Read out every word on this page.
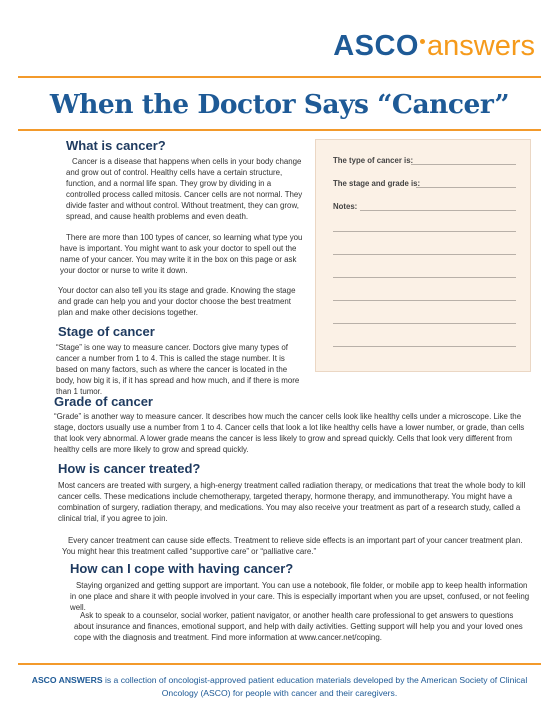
ASCO answers
When the Doctor Says “Cancer”
What is cancer?

Cancer is a disease that happens when cells in your body change and grow out of control. Healthy cells have a certain structure, function, and a normal life span. They grow by dividing in a controlled process called mitosis. Cancer cells are not normal. They divide faster and without control. Without treatment, they can grow, spread, and cause health problems and even death.

There are more than 100 types of cancer, so learning what type you have is important. You might want to ask your doctor to spell out the name of your cancer. You may write it in the box on this page or ask your doctor or nurse to write it down.

Your doctor can also tell you its stage and grade. Knowing the stage and grade can help you and your doctor choose the best treatment plan and make other decisions together.

The type of cancer is:
The stage and grade is:
Notes:
Stage of cancer

“Stage” is one way to measure cancer. Doctors give many types of cancer a number from 1 to 4. This is called the stage number. It is based on many factors, such as where the cancer is located in the body, how big it is, if it has spread and how much, and if there is more than 1 tumor.

Grade of cancer

“Grade” is another way to measure cancer. It describes how much the cancer cells look like healthy cells under a microscope. Like the stage, doctors usually use a number from 1 to 4. Cancer cells that look a lot like healthy cells have a lower number, or grade, than cells that look very abnormal. A lower grade means the cancer is less likely to grow and spread quickly. Cells that look very different from healthy cells are more likely to grow and spread quickly.

How is cancer treated?

Most cancers are treated with surgery, a high-energy treatment called radiation therapy, or medications that treat the whole body to kill cancer cells. These medications include chemotherapy, targeted therapy, hormone therapy, and immunotherapy. You might have a combination of surgery, radiation therapy, and medications. You may also receive your treatment as part of a research study, called a clinical trial, if you agree to join.

Every cancer treatment can cause side effects. Treatment to relieve side effects is an important part of your cancer treatment plan. You might hear this treatment called “supportive care” or “palliative care.”

How can I cope with having cancer?

Staying organized and getting support are important. You can use a notebook, file folder, or mobile app to keep health information in one place and share it with people involved in your care. This is especially important when you are upset, confused, or not feeling well.

Ask to speak to a counselor, social worker, patient navigator, or another health care professional to get answers to questions about insurance and finances, emotional support, and help with daily activities. Getting support will help you and your loved ones cope with the diagnosis and treatment. Find more information at www.cancer.net/coping.

ASCO ANSWERS is a collection of oncologist-approved patient education materials developed by the American Society of Clinical Oncology (ASCO) for people with cancer and their caregivers.
